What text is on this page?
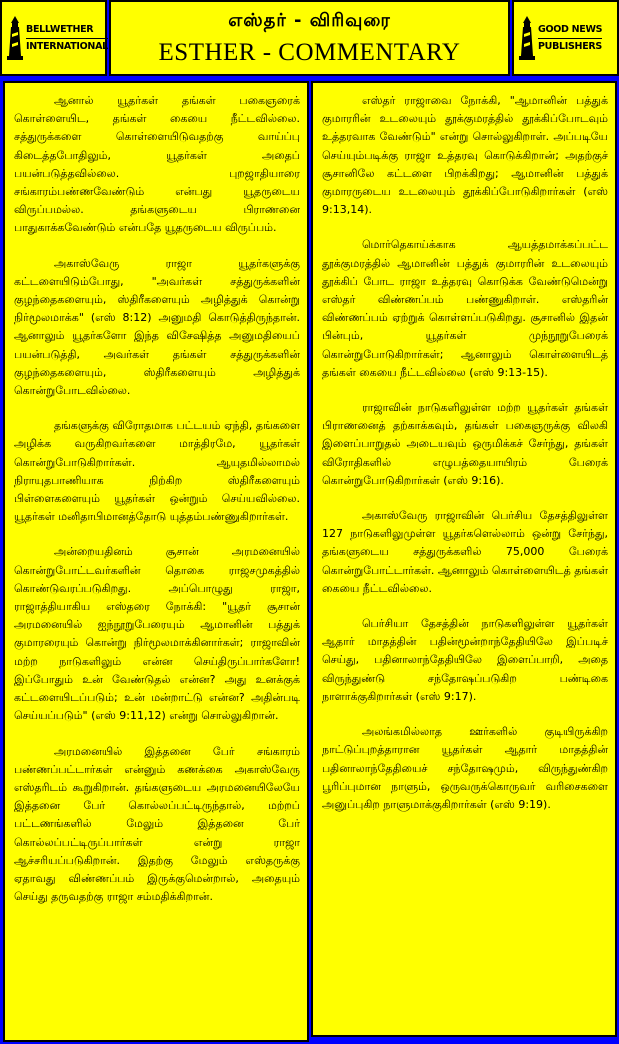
BELLWETHER
INTERNATIONAL
எஸ்தர் - விரிவுரை
ESTHER - COMMENTARY
GOOD NEWS
PUBLISHERS

ஆனால் யூதர்கள் தங்கள் பகைஞரைக் கொள்ளையிட, தங்கள் கையை நீட்டவில்லை. சத்துருக்களை கொள்ளையிடுவதற்கு வாய்ப்பு கிடைத்தபோதிலும், யூதர்கள் அதைப் பயன்படுத்தவில்லை. புறஜாதியாரை சங்காரம்பண்ணவேண்டும் என்பது யூதருடைய விருப்பமல்ல. தங்களுடைய பிராணனை பாதுகாக்கவேண்டும் என்பதே யூதருடைய விருப்பம்.

அகாஸ்வேரு ராஜா யூதர்களுக்கு கட்டளையிடும்போது, "அவர்கள் சத்துருக்களின் குழந்தைகளையும், ஸ்திரீகளையும் அழித்துக் கொன்று நிர்மூலமாக்க" (எஸ் 8:12) அனுமதி கொடுத்திருந்தான். ஆனாலும் யூதர்களோ இந்த விசேஷித்த அனுமதியைப் பயன்படுத்தி, அவர்கள் தங்கள் சத்துருக்களின் குழந்தைகளையும், ஸ்திரீகளையும் அழித்துக் கொன்றுபோடவில்லை.

தங்களுக்கு விரோதமாக பட்டயம் ஏந்தி, தங்களை அழிக்க வருகிறவர்களை மாத்திரமே, யூதர்கள் கொன்றுபோடுகிறார்கள். ஆயுதமில்லாமல் நிராயுதபாணியாக நிற்கிற ஸ்திரீகளையும் பிள்ளைகளையும் யூதர்கள் ஒன்றும் செய்யவில்லை. யூதர்கள் மனிதாபிமானத்தோடு யுத்தம்பண்ணுகிறார்கள்.

அன்றையதினம் சூசான் அரமனையில் கொன்றுபோட்டவர்களின் தொகை ராஜசமுகத்தில் கொண்டுவரப்படுகிறது. அப்பொழுது ராஜா, ராஜாத்தியாகிய எஸ்தரை நோக்கி: "யூதர் சூசான் அரமனையில் ஐந்நூறுபேரையும் ஆமானின் பத்துக் குமாரரையும் கொன்று நிர்மூலமாக்கினார்கள்; ராஜாவின் மற்ற நாடுகளிலும் என்ன செய்திருப்பார்களோ! இப்போதும் உன் வேண்டுதல் என்ன? அது உனக்குக் கட்டளையிடப்படும்; உன் மன்றாட்டு என்ன? அதின்படி செய்யப்படும்" (எஸ் 9:11,12) என்று சொல்லுகிறான்.

அரமனையில் இத்தனை பேர் சங்காரம் பண்ணப்பட்டார்கள் என்னும் கணக்கை அகாஸ்வேரு எஸ்தரிடம் கூறுகிறான். தங்களுடைய அரமனையிலேயே இத்தனை பேர் கொல்லப்பட்டிருந்தால், மற்றப் பட்டணங்களில் மேலும் இத்தனை பேர் கொல்லப்பட்டிருப்பார்கள் என்று ராஜா ஆச்சரியப்படுகிறான். இதற்கு மேலும் எஸ்தருக்கு ஏதாவது விண்ணப்பம் இருக்குமென்றால், அதையும் செய்து தருவதற்கு ராஜா சம்மதிக்கிறான்.

எஸ்தர் ராஜாவை நோக்கி, "ஆமானின் பத்துக் குமாரரின் உடலையும் தூக்குமரத்தில் தூக்கிப்போடவும் உத்தரவாக வேண்டும்" என்று சொல்லுகிறாள். அப்படியே செய்யும்படிக்கு ராஜா உத்தரவு கொடுக்கிறான்; அதற்குச் சூசானிலே கட்டளை பிறக்கிறது; ஆமானின் பத்துக் குமாரருடைய உடலையும் தூக்கிப்போடுகிறார்கள் (எஸ் 9:13,14).

மொர்தெகாய்க்காக ஆயத்தமாக்கப்பட்ட தூக்குமரத்தில் ஆமானின் பத்துக் குமாரரின் உடலையும் தூக்கிப் போட ராஜா உத்தரவு கொடுக்க வேண்டுமென்று எஸ்தர் விண்ணப்பம் பண்ணுகிறாள். எஸ்தரின் விண்ணப்பம் ஏற்றுக் கொள்ளப்படுகிறது. சூசானில் இதன் பின்பும், யூதர்கள் முந்நூறுபேரைக் கொன்றுபோடுகிறார்கள்; ஆனாலும் கொள்ளையிடத் தங்கள் கையை நீட்டவில்லை (எஸ் 9:13-15).

ராஜாவின் நாடுகளிலுள்ள மற்ற யூதர்கள் தங்கள் பிராணனைத் தற்காக்கவும், தங்கள் பகைஞருக்கு விலகி இளைப்பாறுதல் அடையவும் ஒருமிக்கச் சேர்ந்து, தங்கள் விரோதிகளில் எழுபத்தையாயிரம் பேரைக் கொன்றுபோடுகிறார்கள் (எஸ் 9:16).

அகாஸ்வேரு ராஜாவின் பெர்சிய தேசத்திலுள்ள 127 நாடுகளிலுமுள்ள யூதர்களெல்லாம் ஒன்று சேர்ந்து, தங்களுடைய சத்துருக்களில் 75,000 பேரைக் கொன்றுபோட்டார்கள். ஆனாலும் கொள்ளையிடத் தங்கள் கையை நீட்டவில்லை.

பெர்சியா தேசத்தின் நாடுகளிலுள்ள யூதர்கள் ஆதார் மாதத்தின் பதின்மூன்றாந்தேதியிலே இப்படிச் செய்து, பதினாலாந்தேதியிலே இளைப்பாறி, அதை விருந்துண்டு சந்தோஷப்படுகிற பண்டிகை நாளாக்குகிறார்கள் (எஸ் 9:17).

அலங்கமில்லாத ஊர்களில் குடியிருக்கிற நாட்டுப்புறத்தாரான யூதர்கள் ஆதார் மாதத்தின் பதினாலாந்தேதியைச் சந்தோஷமும், விருந்துண்கிற பூரிப்புமான நாளும், ஒருவருக்கொருவர் வரிசைகளை அனுப்புகிற நாளுமாக்குகிறார்கள் (எஸ் 9:19).
